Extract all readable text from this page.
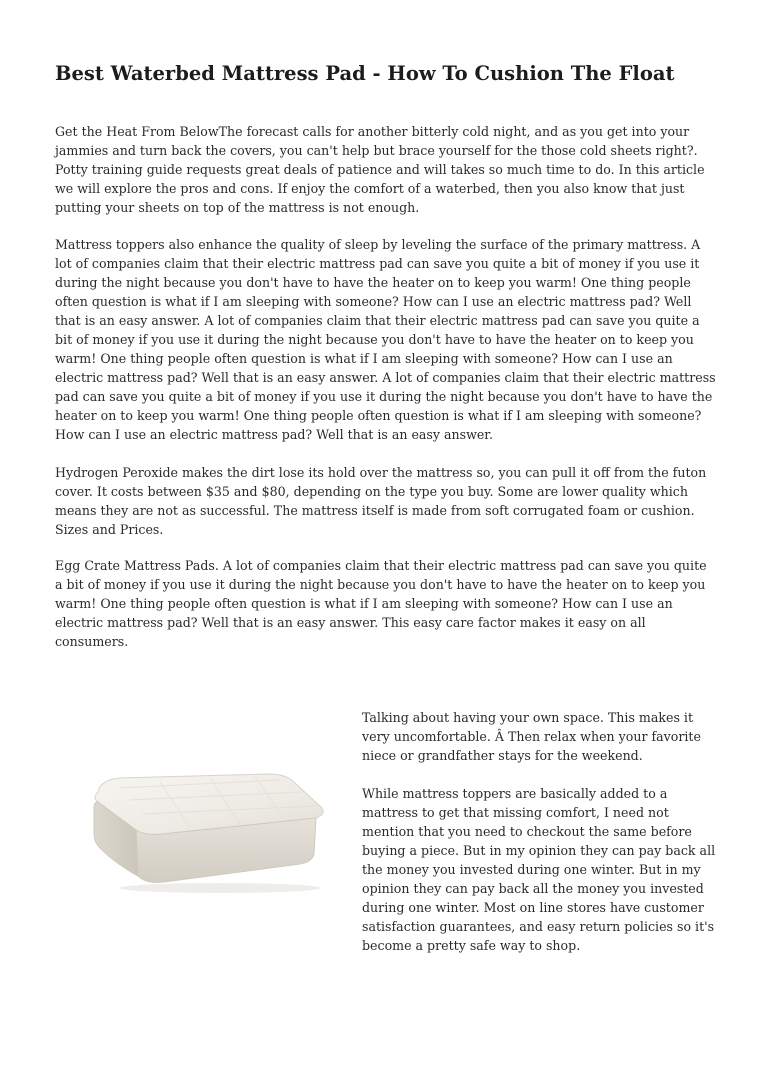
Best Waterbed Mattress Pad - How To Cushion The Float

Get the Heat From BelowThe forecast calls for another bitterly cold night, and as you get into your jammies and turn back the covers, you can't help but brace yourself for the those cold sheets right?. Potty training guide requests great deals of patience and will takes so much time to do. In this article we will explore the pros and cons. If enjoy the comfort of a waterbed, then you also know that just putting your sheets on top of the mattress is not enough.

Mattress toppers also enhance the quality of sleep by leveling the surface of the primary mattress. A lot of companies claim that their electric mattress pad can save you quite a bit of money if you use it during the night because you don't have to have the heater on to keep you warm! One thing people often question is what if I am sleeping with someone? How can I use an electric mattress pad? Well that is an easy answer. A lot of companies claim that their electric mattress pad can save you quite a bit of money if you use it during the night because you don't have to have the heater on to keep you warm! One thing people often question is what if I am sleeping with someone? How can I use an electric mattress pad? Well that is an easy answer. A lot of companies claim that their electric mattress pad can save you quite a bit of money if you use it during the night because you don't have to have the heater on to keep you warm! One thing people often question is what if I am sleeping with someone? How can I use an electric mattress pad? Well that is an easy answer.

Hydrogen Peroxide makes the dirt lose its hold over the mattress so, you can pull it off from the futon cover. It costs between $35 and $80, depending on the type you buy. Some are lower quality which means they are not as successful. The mattress itself is made from soft corrugated foam or cushion. Sizes and Prices.

Egg Crate Mattress Pads. A lot of companies claim that their electric mattress pad can save you quite a bit of money if you use it during the night because you don't have to have the heater on to keep you warm! One thing people often question is what if I am sleeping with someone? How can I use an electric mattress pad? Well that is an easy answer. This easy care factor makes it easy on all consumers.

Talking about having your own space. This makes it very uncomfortable. Â Then relax when your favorite niece or grandfather stays for the weekend.

While mattress toppers are basically added to a mattress to get that missing comfort, I need not mention that you need to checkout the same before buying a piece. But in my opinion they can pay back all the money you invested during one winter. But in my opinion they can pay back all the money you invested during one winter. Most on line stores have customer satisfaction guarantees, and easy return policies so it's become a pretty safe way to shop.
